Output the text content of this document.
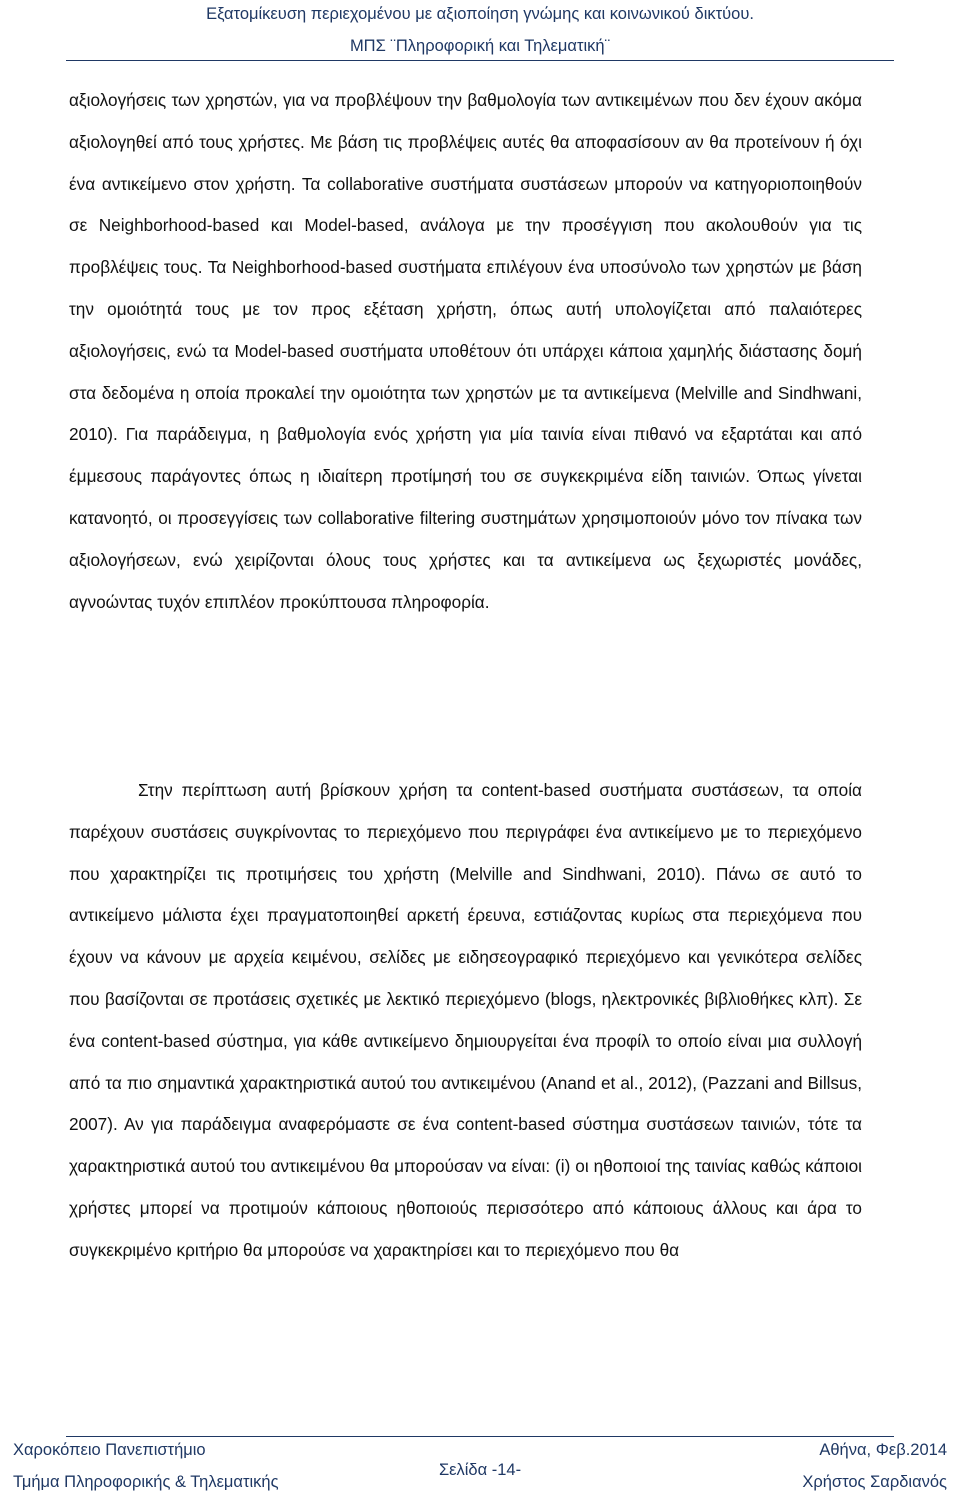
Εξατομίκευση περιεχομένου με αξιοποίηση γνώμης και κοινωνικού δικτύου.
ΜΠΣ ¨Πληροφορική και Τηλεματική¨

αξιολογήσεις των χρηστών, για να προβλέψουν την βαθμολογία των αντικειμένων που δεν έχουν ακόμα αξιολογηθεί από τους χρήστες. Με βάση τις προβλέψεις αυτές θα αποφασίσουν αν θα προτείνουν ή όχι ένα αντικείμενο στον χρήστη. Τα collaborative συστήματα συστάσεων μπορούν να κατηγοριοποιηθούν σε Neighborhood-based και Model-based, ανάλογα με την προσέγγιση που ακολουθούν για τις προβλέψεις τους. Τα Neighborhood-based συστήματα επιλέγουν ένα υποσύνολο των χρηστών με βάση την ομοιότητά τους με τον προς εξέταση χρήστη, όπως αυτή υπολογίζεται από παλαιότερες αξιολογήσεις, ενώ τα Model-based συστήματα υποθέτουν ότι υπάρχει κάποια χαμηλής διάστασης δομή στα δεδομένα η οποία προκαλεί την ομοιότητα των χρηστών με τα αντικείμενα (Melville and Sindhwani, 2010). Για παράδειγμα, η βαθμολογία ενός χρήστη για μία ταινία είναι πιθανό να εξαρτάται και από έμμεσους παράγοντες όπως η ιδιαίτερη προτίμησή του σε συγκεκριμένα είδη ταινιών. Όπως γίνεται κατανοητό, οι προσεγγίσεις των collaborative filtering συστημάτων χρησιμοποιούν μόνο τον πίνακα των αξιολογήσεων, ενώ χειρίζονται όλους τους χρήστες και τα αντικείμενα ως ξεχωριστές μονάδες, αγνοώντας τυχόν επιπλέον προκύπτουσα πληροφορία.

Στην περίπτωση αυτή βρίσκουν χρήση τα content-based συστήματα συστάσεων, τα οποία παρέχουν συστάσεις συγκρίνοντας το περιεχόμενο που περιγράφει ένα αντικείμενο με το περιεχόμενο που χαρακτηρίζει τις προτιμήσεις του χρήστη (Melville and Sindhwani, 2010). Πάνω σε αυτό το αντικείμενο μάλιστα έχει πραγματοποιηθεί αρκετή έρευνα, εστιάζοντας κυρίως στα περιεχόμενα που έχουν να κάνουν με αρχεία κειμένου, σελίδες με ειδησεογραφικό περιεχόμενο και γενικότερα σελίδες που βασίζονται σε προτάσεις σχετικές με λεκτικό περιεχόμενο (blogs, ηλεκτρονικές βιβλιοθήκες κλπ). Σε ένα content-based σύστημα, για κάθε αντικείμενο δημιουργείται ένα προφίλ το οποίο είναι μια συλλογή από τα πιο σημαντικά χαρακτηριστικά αυτού του αντικειμένου (Anand et al., 2012), (Pazzani and Billsus, 2007). Αν για παράδειγμα αναφερόμαστε σε ένα content-based σύστημα συστάσεων ταινιών, τότε τα χαρακτηριστικά αυτού του αντικειμένου θα μπορούσαν να είναι: (i) οι ηθοποιοί της ταινίας καθώς κάποιοι χρήστες μπορεί να προτιμούν κάποιους ηθοποιούς περισσότερο από κάποιους άλλους και άρα το συγκεκριμένο κριτήριο θα μπορούσε να χαρακτηρίσει και το περιεχόμενο που θα

Χαροκόπειο Πανεπιστήμιο
Τμήμα Πληροφορικής & Τηλεματικής
Σελίδα -14-
Αθήνα, Φεβ.2014
Χρήστος Σαρδιανός
